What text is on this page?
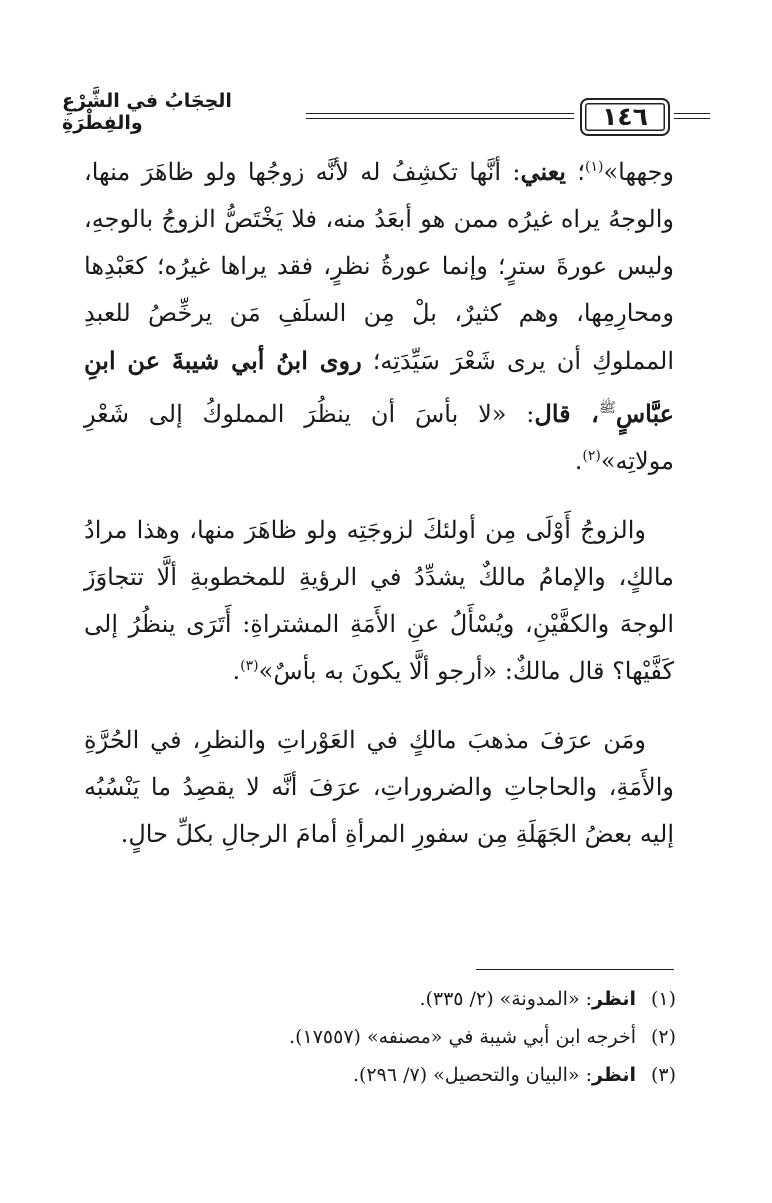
الحِجَابُ في الشَّرْعِ والفِطْرَةِ	١٤٦

وجهها»$^{(١)}$؛ يعني: أنَّها تكشِفُ له لأنَّه زوجُها ولو ظاهَرَ منها، والوجهُ يراه غيرُه ممن هو أبعَدُ منه، فلا يَخْتَصُّ الزوجُ بالوجهِ، وليس عورةَ سترٍ؛ وإنما عورةُ نظرٍ، فقد يراها غيرُه؛ كعَبْدِها ومحارِمِها، وهم كثيرٌ، بلْ مِن السلَفِ مَن يرخِّصُ للعبدِ المملوكِ أن يرى شَعْرَ سَيِّدَتِه؛ روى ابنُ أبي شيبةَ عن ابنِ عبَّاسٍ$^ﷺ$، قال: «لا بأسَ أن ينظُرَ المملوكُ إلى شَعْرِ مولاتِه»$^{(٢)}$.

والزوجُ أَوْلَى مِن أولئكَ لزوجَتِه ولو ظاهَرَ منها، وهذا مرادُ مالكٍ، والإمامُ مالكٌ يشدِّدُ في الرؤيةِ للمخطوبةِ ألَّا تتجاوَزَ الوجهَ والكفَّيْنِ، ويُسْأَلُ عنِ الأَمَةِ المشتراةِ: أَتَرَى ينظُرُ إلى كَفَّيْها؟ قال مالكٌ: «أرجو ألَّا يكونَ به بأسٌ»$^{(٣)}$.

ومَن عرَفَ مذهبَ مالكٍ في العَوْراتِ والنظرِ، في الحُرَّةِ والأَمَةِ، والحاجاتِ والضروراتِ، عرَفَ أنَّه لا يقصِدُ ما يَنْسُبُه إليه بعضُ الجَهَلَةِ مِن سفورِ المرأةِ أمامَ الرجالِ بكلِّ حالٍ.

(١)انظر: «المدونة» (٢/ ٣٣٥).

(٢)أخرجه ابن أبي شيبة في «مصنفه» (١٧٥٥٧).

(٣)انظر: «البيان والتحصيل» (٧/ ٢٩٦).
